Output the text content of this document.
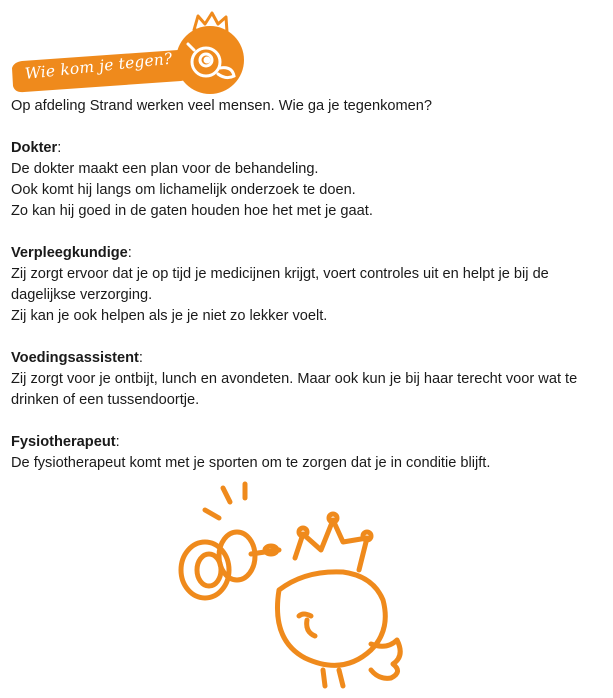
Wie kom je tegen?

Op afdeling Strand werken veel mensen. Wie ga je tegenkomen?

Dokter:

De dokter maakt een plan voor de behandeling.

Ook komt hij langs om lichamelijk onderzoek te doen.

Zo kan hij goed in de gaten houden hoe het met je gaat.

Verpleegkundige:

Zij zorgt ervoor dat je op tijd je medicijnen krijgt, voert controles uit en helpt je bij de dagelijkse verzorging.

Zij kan je ook helpen als je je niet zo lekker voelt.

Voedingsassistent:

Zij zorgt voor je ontbijt, lunch en avondeten. Maar ook kun je bij haar terecht voor wat te drinken of een tussendoortje.

Fysiotherapeut:

De fysiotherapeut komt met je sporten om te zorgen dat je in conditie blijft.
